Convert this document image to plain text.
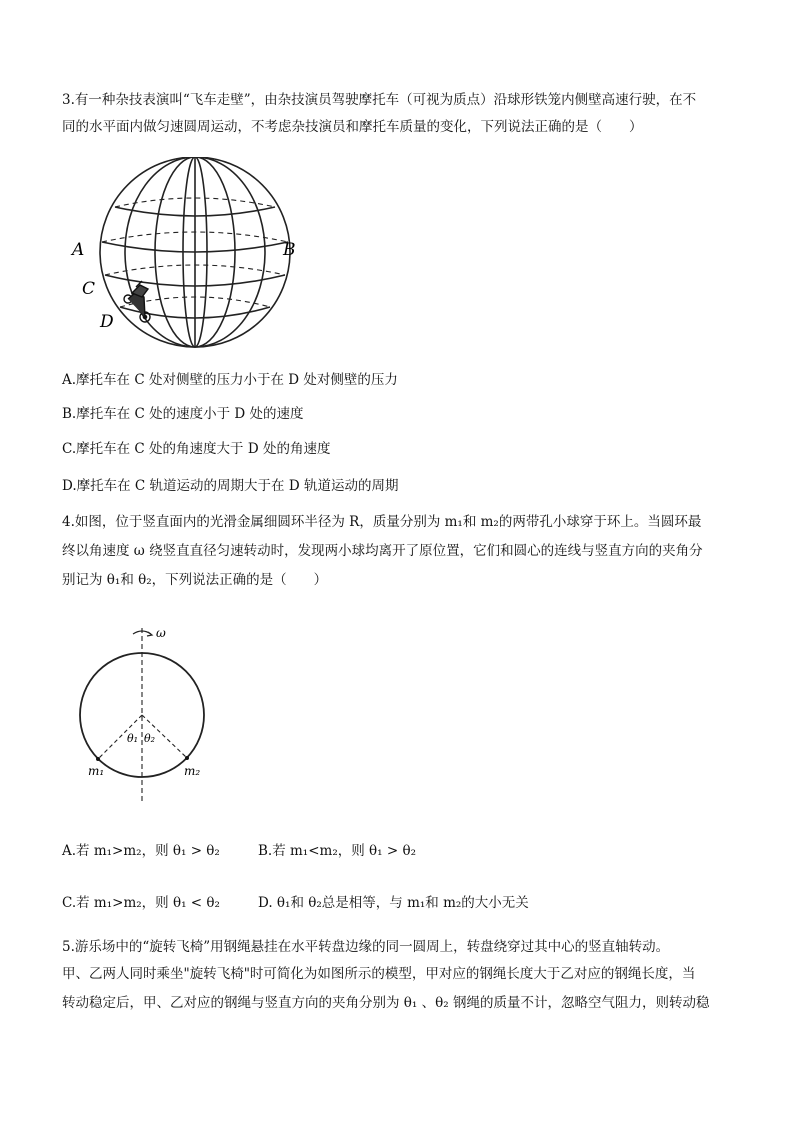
3.有一种杂技表演叫“飞车走壁”，由杂技演员驾驶摩托车（可视为质点）沿球形铁笼内侧壁高速行驶，在不
同的水平面内做匀速圆周运动，不考虑杂技演员和摩托车质量的变化，下列说法正确的是（　　）
A	B
C
D
A.摩托车在 C 处对侧壁的压力小于在 D 处对侧壁的压力
B.摩托车在 C 处的速度小于 D 处的速度
C.摩托车在 C 处的角速度大于 D 处的角速度
D.摩托车在 C 轨道运动的周期大于在 D 轨道运动的周期
4.如图，位于竖直面内的光滑金属细圆环半径为 R，质量分别为 m₁和 m₂的两带孔小球穿于环上。当圆环最
终以角速度 ω 绕竖直直径匀速转动时，发现两小球均离开了原位置，它们和圆心的连线与竖直方向的夹角分
别记为 θ₁和 θ₂，下列说法正确的是（　　）
ω
θ₁ θ₂
m₁	m₂
A.若 m₁>m₂，则 θ₁ > θ₂	B.若 m₁<m₂，则 θ₁ > θ₂
C.若 m₁>m₂，则 θ₁ < θ₂	D. θ₁和 θ₂总是相等，与 m₁和 m₂的大小无关
5.游乐场中的“旋转飞椅”用钢绳悬挂在水平转盘边缘的同一圆周上，转盘绕穿过其中心的竖直轴转动。
甲、乙两人同时乘坐"旋转飞椅"时可简化为如图所示的模型，甲对应的钢绳长度大于乙对应的钢绳长度，当
转动稳定后，甲、乙对应的钢绳与竖直方向的夹角分别为 θ₁ 、θ₂ 钢绳的质量不计，忽略空气阻力，则转动稳
